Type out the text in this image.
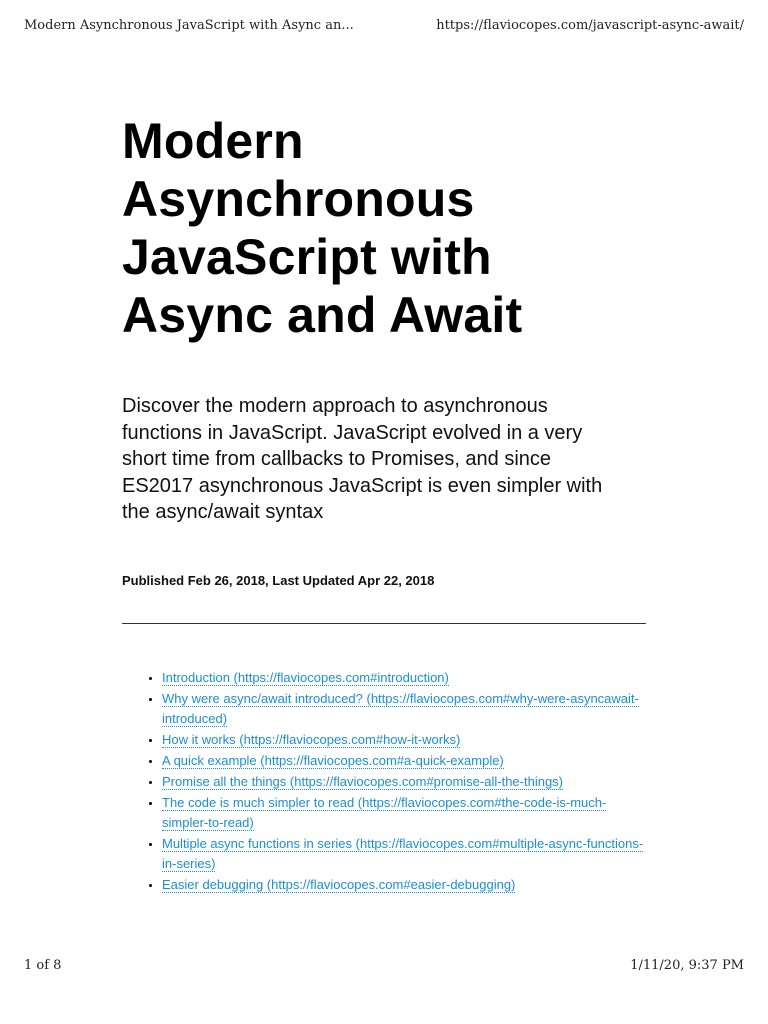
Modern Asynchronous JavaScript with Async an...	https://flaviocopes.com/javascript-async-await/
Modern Asynchronous JavaScript with Async and Await

Discover the modern approach to asynchronous functions in JavaScript. JavaScript evolved in a very short time from callbacks to Promises, and since ES2017 asynchronous JavaScript is even simpler with the async/await syntax

Published Feb 26, 2018, Last Updated Apr 22, 2018

• Introduction (https://flaviocopes.com#introduction)
• Why were async/await introduced? (https://flaviocopes.com#why-were-asyncawait-introduced)
• How it works (https://flaviocopes.com#how-it-works)
• A quick example (https://flaviocopes.com#a-quick-example)
• Promise all the things (https://flaviocopes.com#promise-all-the-things)
• The code is much simpler to read (https://flaviocopes.com#the-code-is-much-simpler-to-read)
• Multiple async functions in series (https://flaviocopes.com#multiple-async-functions-in-series)
• Easier debugging (https://flaviocopes.com#easier-debugging)
1 of 8	1/11/20, 9:37 PM
